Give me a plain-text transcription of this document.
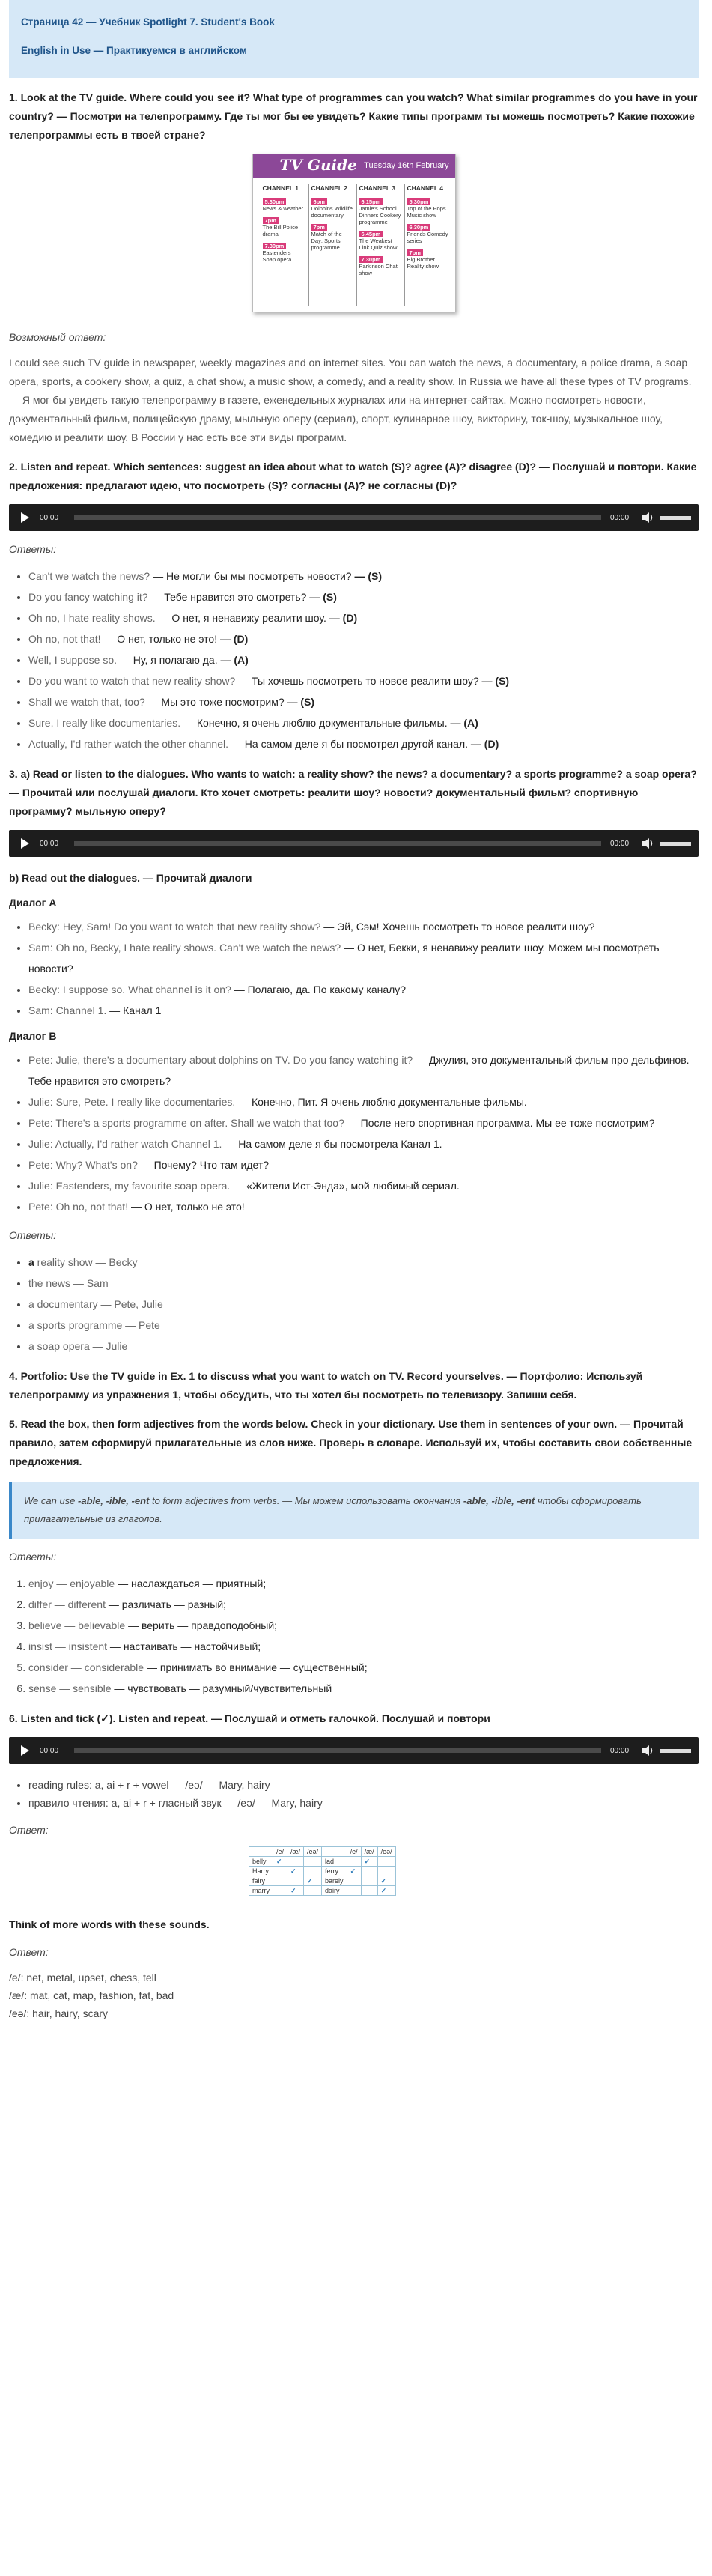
Страница 42 — Учебник Spotlight 7. Student's Book

English in Use — Практикуемся в английском

1. Look at the TV guide. Where could you see it? What type of programmes can you watch? What similar programmes do you have in your country? — Посмотри на телепрограмму. Где ты мог бы ее увидеть? Какие типы программ ты можешь посмотреть? Какие похожие телепрограммы есть в твоей стране?
TV Guide Tuesday 16th February
CHANNEL 1
5.30pm
News & weather
7pm
The Bill Police drama
7.30pm
Eastenders Soap opera
CHANNEL 2
6pm
Dolphins Wildlife documentary
7pm
Match of the Day: Sports programme
CHANNEL 3
6.15pm
Jamie's School Dinners Cookery programme
6.45pm
The Weakest Link Quiz show
7.30pm
Parkinson Chat show
CHANNEL 4
5.30pm
Top of the Pops Music show
6.30pm
Friends Comedy series
7pm
Big Brother Reality show
Возможный ответ:

I could see such TV guide in newspaper, weekly magazines and on internet sites. You can watch the news, a documentary, a police drama, a soap opera, sports, a cookery show, a quiz, a chat show, a music show, a comedy, and a reality show. In Russia we have all these types of TV programs. — Я мог бы увидеть такую телепрограмму в газете, еженедельных журналах или на интернет-сайтах. Можно посмотреть новости, документальный фильм, полицейскую драму, мыльную оперу (сериал), спорт, кулинарное шоу, викторину, ток-шоу, музыкальное шоу, комедию и реалити шоу. В России у нас есть все эти виды программ.

2. Listen and repeat. Which sentences: suggest an idea about what to watch (S)? agree (A)? disagree (D)? — Послушай и повтори. Какие предложения: предлагают идею, что посмотреть (S)? согласны (A)? не согласны (D)?
00:00	00:00
Ответы:
• Can't we watch the news? — Не могли бы мы посмотреть новости? — (S)
• Do you fancy watching it? — Тебе нравится это смотреть? — (S)
• Oh no, I hate reality shows. — О нет, я ненавижу реалити шоу. — (D)
• Oh no, not that! — О нет, только не это! — (D)
• Well, I suppose so. — Ну, я полагаю да. — (A)
• Do you want to watch that new reality show? — Ты хочешь посмотреть то новое реалити шоу? — (S)
• Shall we watch that, too? — Мы это тоже посмотрим? — (S)
• Sure, I really like documentaries. — Конечно, я очень люблю документальные фильмы. — (A)
• Actually, I'd rather watch the other channel. — На самом деле я бы посмотрел другой канал. — (D)
3. a) Read or listen to the dialogues. Who wants to watch: a reality show? the news? a documentary? a sports programme? a soap opera? — Прочитай или послушай диалоги. Кто хочет смотреть: реалити шоу? новости? документальный фильм? спортивную программу? мыльную оперу?
00:00	00:00
b) Read out the dialogues. — Прочитай диалоги
Диалог А
• Becky: Hey, Sam! Do you want to watch that new reality show? — Эй, Сэм! Хочешь посмотреть то новое реалити шоу?
• Sam: Oh no, Becky, I hate reality shows. Can't we watch the news? — О нет, Бекки, я ненавижу реалити шоу. Можем мы посмотреть новости?
• Becky: I suppose so. What channel is it on? — Полагаю, да. По какому каналу?
• Sam: Channel 1. — Канал 1
Диалог В
• Pete: Julie, there's a documentary about dolphins on TV. Do you fancy watching it? — Джулия, это документальный фильм про дельфинов. Тебе нравится это смотреть?
• Julie: Sure, Pete. I really like documentaries. — Конечно, Пит. Я очень люблю документальные фильмы.
• Pete: There's a sports programme on after. Shall we watch that too? — После него спортивная программа. Мы ее тоже посмотрим?
• Julie: Actually, I'd rather watch Channel 1. — На самом деле я бы посмотрела Канал 1.
• Pete: Why? What's on? — Почему? Что там идет?
• Julie: Eastenders, my favourite soap opera. — «Жители Ист-Энда», мой любимый сериал.
• Pete: Oh no, not that! — О нет, только не это!
Ответы:
• a reality show — Becky
• the news — Sam
• a documentary — Pete, Julie
• a sports programme — Pete
• a soap opera — Julie
4. Portfolio: Use the TV guide in Ex. 1 to discuss what you want to watch on TV. Record yourselves. — Портфолио: Используй телепрограмму из упражнения 1, чтобы обсудить, что ты хотел бы посмотреть по телевизору. Запиши себя.
5. Read the box, then form adjectives from the words below. Check in your dictionary. Use them in sentences of your own. — Прочитай правило, затем сформируй прилагательные из слов ниже. Проверь в словаре. Используй их, чтобы составить свои собственные предложения.
We can use -able, -ible, -ent to form adjectives from verbs. — Мы можем использовать окончания -able, -ible, -ent чтобы сформировать прилагательные из глаголов.
Ответы:
1. enjoy — enjoyable — наслаждаться — приятный;
2. differ — different — различать — разный;
3. believe — believable — верить — правдоподобный;
4. insist — insistent — настаивать — настойчивый;
5. consider — considerable — принимать во внимание — существенный;
6. sense — sensible — чувствовать — разумный/чувствительный
6. Listen and tick (✓). Listen and repeat. — Послушай и отметь галочкой. Послушай и повтори
00:00	00:00
• reading rules: a, ai + r + vowel — /eə/ — Mary, hairy
• правило чтения: a, ai + r + гласный звук — /eə/ — Mary, hairy
Ответ:
	/e/	/æ/	/eə/		/e/	/æ/	/eə/
belly	✓			lad		✓	
Harry		✓		ferry	✓		
fairy			✓	barely			✓
marry		✓		dairy			✓
Think of more words with these sounds.
Ответ:
/e/: net, metal, upset, chess, tell
/æ/: mat, cat, map, fashion, fat, bad
/eə/: hair, hairy, scary
